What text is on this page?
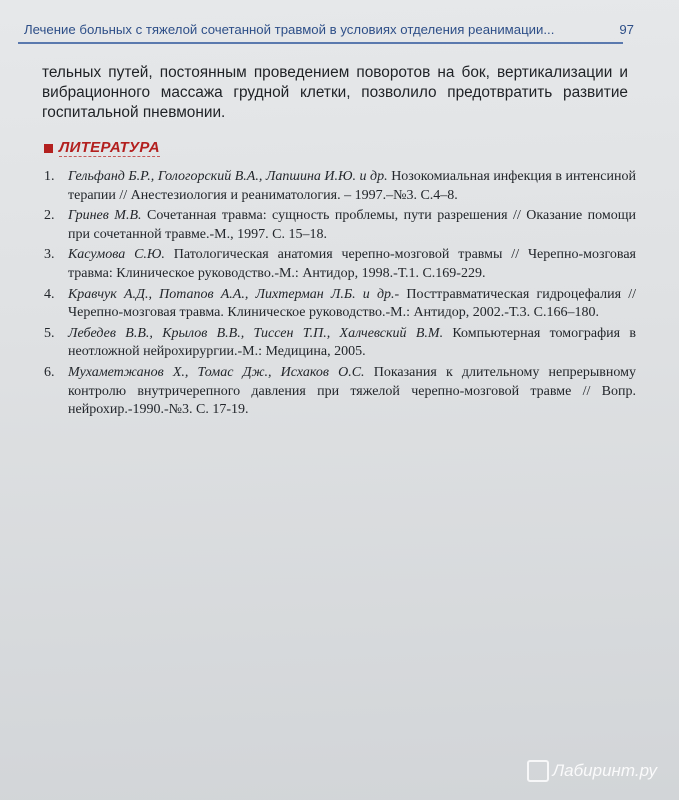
Лечение больных с тяжелой сочетанной травмой в условиях отделения реанимации...	97

тельных путей, постоянным проведением поворотов на бок, вертикализации и вибрационного массажа грудной клетки, позволило предотвратить развитие госпитальной пневмонии.

ЛИТЕРАТУРА
1. Гельфанд Б.Р., Гологорский В.А., Лапшина И.Ю. и др. Нозокомиальная инфекция в интенсиной терапии // Анестезиология и реаниматология. – 1997.–№3. С.4–8.
2. Гринев М.В. Сочетанная травма: сущность проблемы, пути разрешения // Оказание помощи при сочетанной травме.-М., 1997. С. 15–18.
3. Касумова С.Ю. Патологическая анатомия черепно-мозговой травмы // Черепно-мозговая травма: Клиническое руководство.-М.: Антидор, 1998.-Т.1. С.169-229.
4. Кравчук А.Д., Потапов А.А., Лихтерман Л.Б. и др.- Посттравматическая гидроцефалия // Черепно-мозговая травма. Клиническое руководство.-М.: Антидор, 2002.-Т.3. С.166–180.
5. Лебедев В.В., Крылов В.В., Тиссен Т.П., Халчевский В.М. Компьютерная томография в неотложной нейрохирургии.-М.: Медицина, 2005.
6. Мухаметжанов Х., Томас Дж., Исхаков О.С. Показания к длительному непрерывному контролю внутричерепного давления при тяжелой черепно-мозговой травме // Вопр. нейрохир.-1990.-№3. С. 17-19.
Лабиринт.ру
